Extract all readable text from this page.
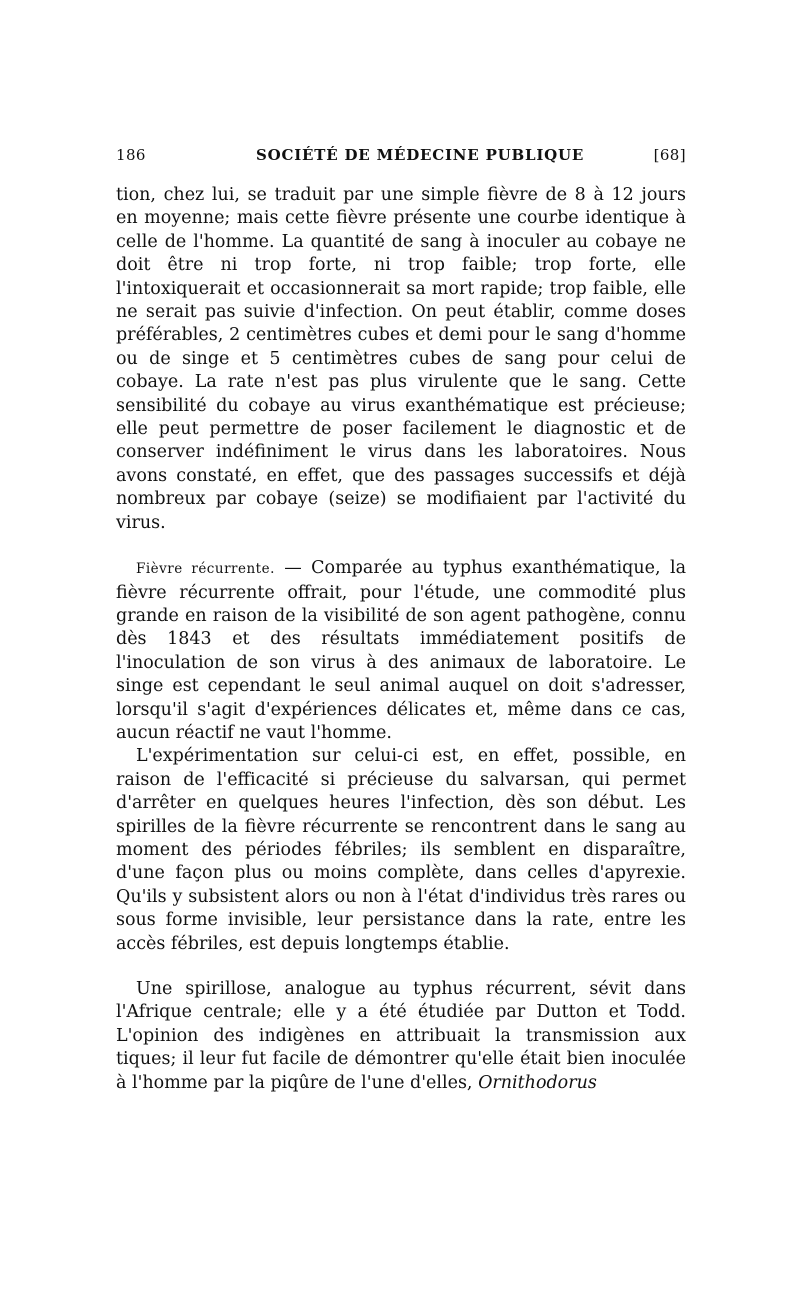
186	SOCIÉTÉ DE MÉDECINE PUBLIQUE	[68]

tion, chez lui, se traduit par une simple fièvre de 8 à 12 jours en moyenne; mais cette fièvre présente une courbe identique à celle de l'homme. La quantité de sang à inoculer au cobaye ne doit être ni trop forte, ni trop faible; trop forte, elle l'intoxiquerait et occasionnerait sa mort rapide; trop faible, elle ne serait pas suivie d'infection. On peut établir, comme doses préférables, 2 centimètres cubes et demi pour le sang d'homme ou de singe et 5 centimètres cubes de sang pour celui de cobaye. La rate n'est pas plus virulente que le sang. Cette sensibilité du cobaye au virus exanthématique est précieuse; elle peut permettre de poser facilement le diagnostic et de conserver indéfiniment le virus dans les laboratoires. Nous avons constaté, en effet, que des passages successifs et déjà nombreux par cobaye (seize) se modifiaient par l'activité du virus.

Fièvre récurrente. — Comparée au typhus exanthématique, la fièvre récurrente offrait, pour l'étude, une commodité plus grande en raison de la visibilité de son agent pathogène, connu dès 1843 et des résultats immédiatement positifs de l'inoculation de son virus à des animaux de laboratoire. Le singe est cependant le seul animal auquel on doit s'adresser, lorsqu'il s'agit d'expériences délicates et, même dans ce cas, aucun réactif ne vaut l'homme.

L'expérimentation sur celui-ci est, en effet, possible, en raison de l'efficacité si précieuse du salvarsan, qui permet d'arrêter en quelques heures l'infection, dès son début. Les spirilles de la fièvre récurrente se rencontrent dans le sang au moment des périodes fébriles; ils semblent en disparaître, d'une façon plus ou moins complète, dans celles d'apyrexie. Qu'ils y subsistent alors ou non à l'état d'individus très rares ou sous forme invisible, leur persistance dans la rate, entre les accès fébriles, est depuis longtemps établie.

Une spirillose, analogue au typhus récurrent, sévit dans l'Afrique centrale; elle y a été étudiée par Dutton et Todd. L'opinion des indigènes en attribuait la transmission aux tiques; il leur fut facile de démontrer qu'elle était bien inoculée à l'homme par la piqûre de l'une d'elles, Ornithodorus
